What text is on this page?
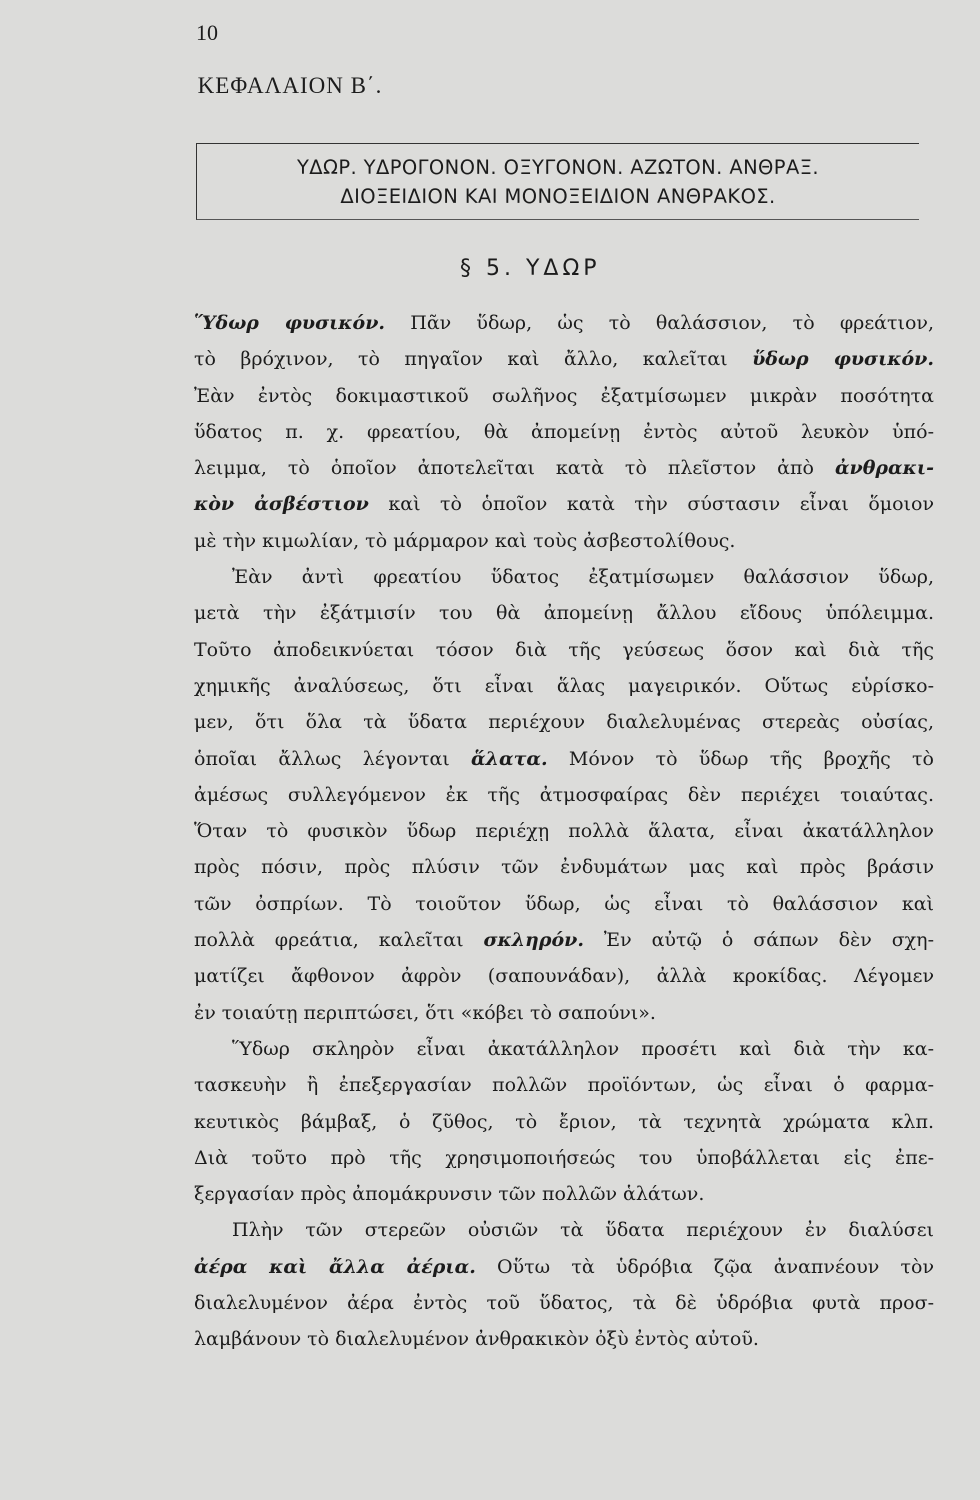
10
ΚΕΦΑΛΑΙΟΝ Β΄.
ΥΔΩΡ. ΥΔΡΟΓΟΝΟΝ. ΟΞΥΓΟΝΟΝ. ΑΖΩΤΟΝ. ΑΝΘΡΑΞ.
ΔΙΟΞΕΙΔΙΟΝ ΚΑΙ ΜΟΝΟΞΕΙΔΙΟΝ ΑΝΘΡΑΚΟΣ.
§ 5. ΥΔΩΡ
Ὕδωρ φυσικόν. Πᾶν ὕδωρ, ὡς τὸ θαλάσσιον, τὸ φρεάτιον,
τὸ βρόχινον, τὸ πηγαῖον καὶ ἄλλο, καλεῖται ὕδωρ φυσικόν.
Ἐὰν ἐντὸς δοκιμαστικοῦ σωλῆνος ἐξατμίσωμεν μικρὰν ποσότητα
ὕδατος π. χ. φρεατίου, θὰ ἀπομείνῃ ἐντὸς αὐτοῦ λευκὸν ὑπό-
λειμμα, τὸ ὁποῖον ἀποτελεῖται κατὰ τὸ πλεῖστον ἀπὸ ἀνθρακι-
κὸν ἀσβέστιον καὶ τὸ ὁποῖον κατὰ τὴν σύστασιν εἶναι ὅμοιον
μὲ τὴν κιμωλίαν, τὸ μάρμαρον καὶ τοὺς ἀσβεστολίθους.
Ἐὰν ἀντὶ φρεατίου ὕδατος ἐξατμίσωμεν θαλάσσιον ὕδωρ,
μετὰ τὴν ἐξάτμισίν του θὰ ἀπομείνῃ ἄλλου εἴδους ὑπόλειμμα.
Τοῦτο ἀποδεικνύεται τόσον διὰ τῆς γεύσεως ὅσον καὶ διὰ τῆς
χημικῆς ἀναλύσεως, ὅτι εἶναι ἅλας μαγειρικόν. Οὕτως εὑρίσκο-
μεν, ὅτι ὅλα τὰ ὕδατα περιέχουν διαλελυμένας στερεὰς οὐσίας,
ὁποῖαι ἄλλως λέγονται ἅλατα. Μόνον τὸ ὕδωρ τῆς βροχῆς τὸ
ἀμέσως συλλεγόμενον ἐκ τῆς ἀτμοσφαίρας δὲν περιέχει τοιαύτας.
Ὅταν τὸ φυσικὸν ὕδωρ περιέχῃ πολλὰ ἅλατα, εἶναι ἀκατάλληλον
πρὸς πόσιν, πρὸς πλύσιν τῶν ἐνδυμάτων μας καὶ πρὸς βράσιν
τῶν ὀσπρίων. Τὸ τοιοῦτον ὕδωρ, ὡς εἶναι τὸ θαλάσσιον καὶ
πολλὰ φρεάτια, καλεῖται σκληρόν. Ἐν αὐτῷ ὁ σάπων δὲν σχη-
ματίζει ἄφθονον ἀφρὸν (σαπουνάδαν), ἀλλὰ κροκίδας. Λέγομεν
ἐν τοιαύτῃ περιπτώσει, ὅτι «κόβει τὸ σαπούνι».
Ὕδωρ σκληρὸν εἶναι ἀκατάλληλον προσέτι καὶ διὰ τὴν κα-
τασκευὴν ἢ ἐπεξεργασίαν πολλῶν προϊόντων, ὡς εἶναι ὁ φαρμα-
κευτικὸς βάμβαξ, ὁ ζῦθος, τὸ ἔριον, τὰ τεχνητὰ χρώματα κλπ.
Διὰ τοῦτο πρὸ τῆς χρησιμοποιήσεώς του ὑποβάλλεται εἰς ἐπε-
ξεργασίαν πρὸς ἀπομάκρυνσιν τῶν πολλῶν ἁλάτων.
Πλὴν τῶν στερεῶν οὐσιῶν τὰ ὕδατα περιέχουν ἐν διαλύσει
ἀέρα καὶ ἄλλα ἀέρια. Οὕτω τὰ ὑδρόβια ζῷα ἀναπνέουν τὸν
διαλελυμένον ἀέρα ἐντὸς τοῦ ὕδατος, τὰ δὲ ὑδρόβια φυτὰ προσ-
λαμβάνουν τὸ διαλελυμένον ἀνθρακικὸν ὀξὺ ἐντὸς αὐτοῦ.
